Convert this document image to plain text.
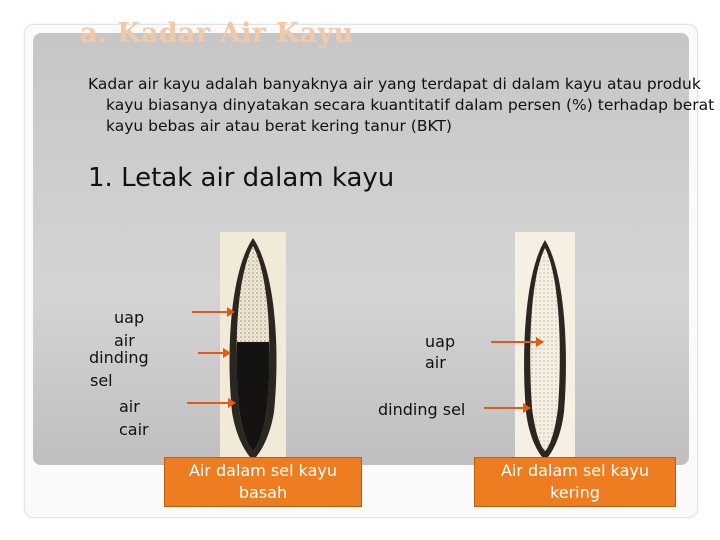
a. Kadar Air Kayu

Kadar air kayu adalah banyaknya air yang terdapat di dalam kayu atau produk kayu biasanya dinyatakan secara kuantitatif dalam persen (%) terhadap berat kayu bebas air atau berat kering tanur (BKT)

1. Letak air dalam kayu
uap
air
dinding
sel
air
cair
uap
air
dinding sel
Air dalam sel kayu
basah
Air dalam sel kayu
kering
